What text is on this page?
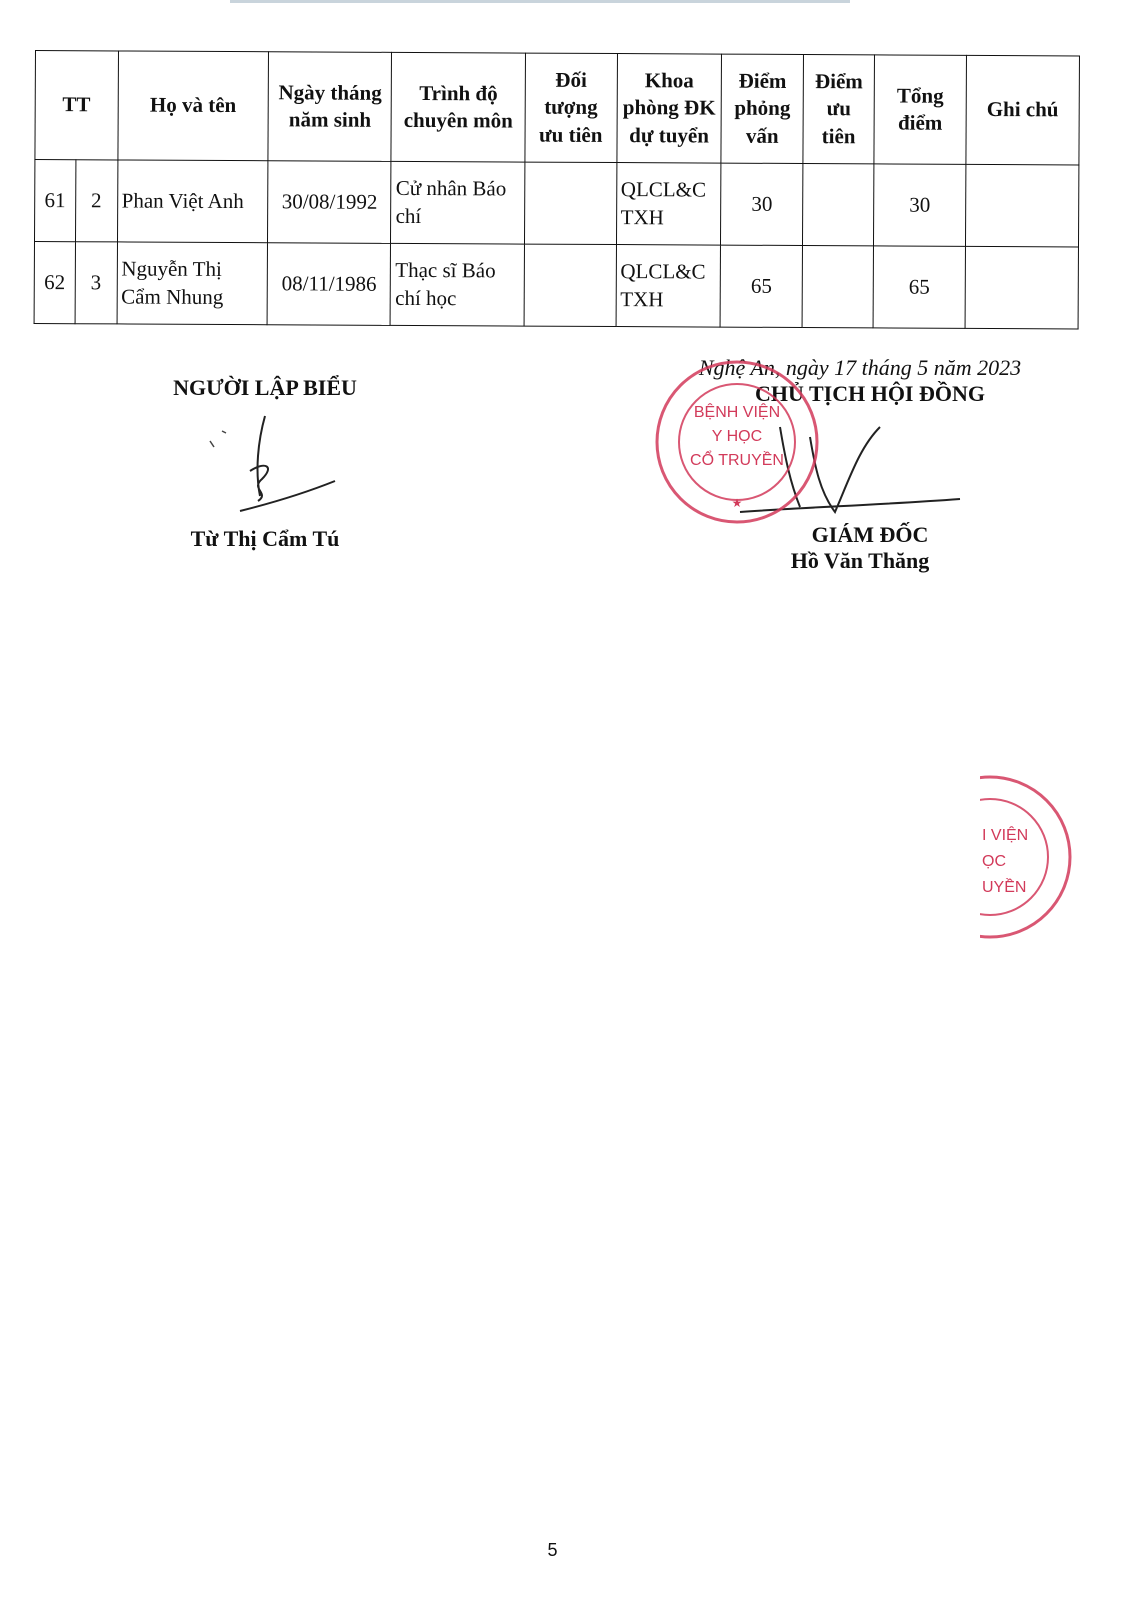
TT		Họ và tên	Ngày tháng năm sinh	Trình độ chuyên môn	Đối tượng ưu tiên	Khoa phòng ĐK dự tuyển	Điểm phỏng vấn	Điểm ưu tiên	Tổng điểm	Ghi chú
61	2	Phan Việt Anh	30/08/1992	Cử nhân Báo chí		QLCL&CTXH	30		30	
62	3	Nguyễn Thị Cẩm Nhung	08/11/1986	Thạc sĩ Báo chí học		QLCL&CTXH	65		65	
NGƯỜI LẬP BIỂU
Từ Thị Cẩm Tú
Nghệ An, ngày 17 tháng 5 năm 2023
CHỦ TỊCH HỘI ĐỒNG
GIÁM ĐỐC
Hồ Văn Thăng
BỆNH VIỆN
Y HỌC
CỔ TRUYỀN
★
I VIỆN
ỌC
UYỀN
5
